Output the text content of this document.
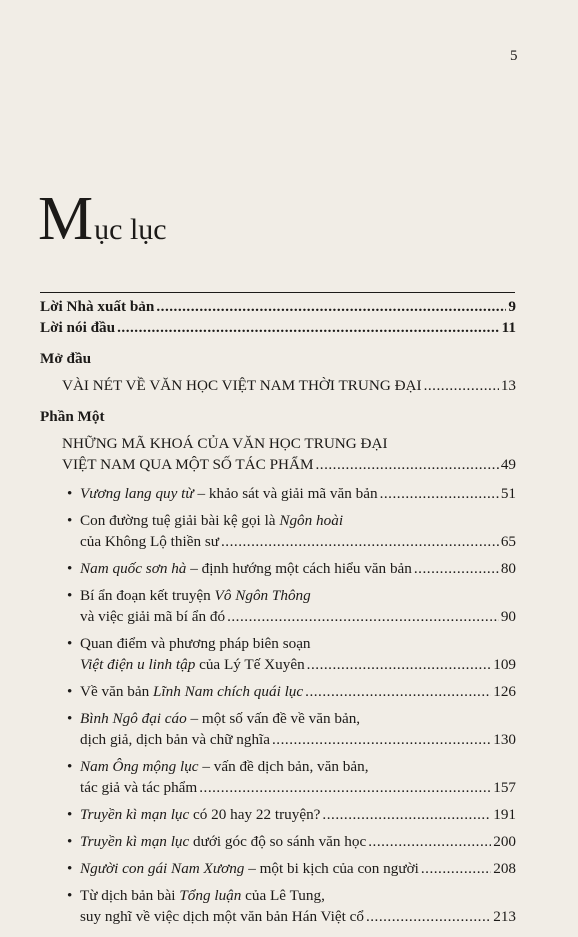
5
Mục lục
Lời Nhà xuất bản .....	9
Lời nói đầu .....	11
Mở đầu
VÀI NÉT VỀ VĂN HỌC VIỆT NAM THỜI TRUNG ĐẠI .....	13
Phần Một
NHỮNG MÃ KHOÁ CỦA VĂN HỌC TRUNG ĐẠI
VIỆT NAM QUA MỘT SỐ TÁC PHẨM .....	49
• Vương lang quy từ – khảo sát và giải mã văn bản .....	51
• Con đường tuệ giải bài kệ gọi là Ngôn hoài
của Không Lộ thiền sư .....	65
• Nam quốc sơn hà – định hướng một cách hiểu văn bản .....	80
• Bí ẩn đoạn kết truyện Vô Ngôn Thông
và việc giải mã bí ẩn đó .....	90
• Quan điểm và phương pháp biên soạn
Việt điện u linh tập của Lý Tế Xuyên .....	109
• Về văn bản Lĩnh Nam chích quái lục .....	126
• Bình Ngô đại cáo – một số vấn đề về văn bản,
dịch giả, dịch bản và chữ nghĩa .....	130
• Nam Ông mộng lục – vấn đề dịch bản, văn bản,
tác giả và tác phẩm .....	157
• Truyền kì mạn lục có 20 hay 22 truyện? .....	191
• Truyền kì mạn lục dưới góc độ so sánh văn học .....	200
• Người con gái Nam Xương – một bi kịch của con người .....	208
• Từ dịch bản bài Tổng luận của Lê Tung,
suy nghĩ về việc dịch một văn bản Hán Việt cổ .....	213
